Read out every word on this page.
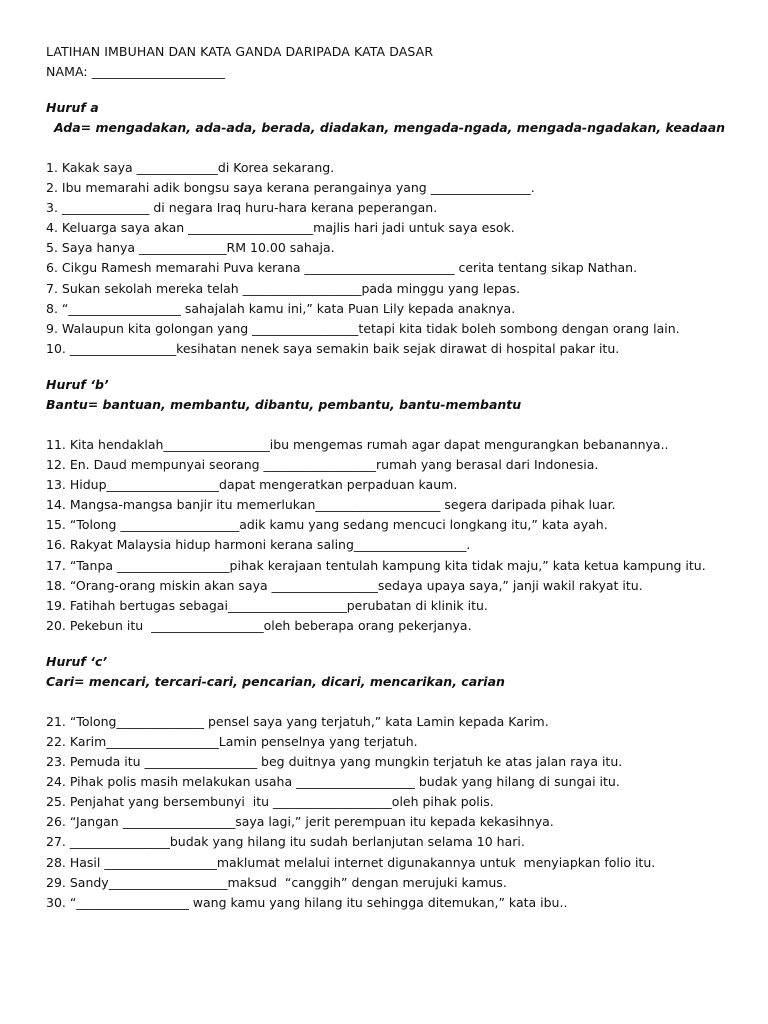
LATIHAN IMBUHAN DAN KATA GANDA DARIPADA KATA DASAR
NAMA: _____________________
Huruf a
Ada= mengadakan, ada-ada, berada, diadakan, mengada-ngada, mengada-ngadakan, keadaan
1. Kakak saya _____________di Korea sekarang.
2. Ibu memarahi adik bongsu saya kerana perangainya yang ________________.
3. ______________ di negara Iraq huru-hara kerana peperangan.
4. Keluarga saya akan ____________________majlis hari jadi untuk saya esok.
5. Saya hanya ______________RM 10.00 sahaja.
6. Cikgu Ramesh memarahi Puva kerana ________________________ cerita tentang sikap Nathan.
7. Sukan sekolah mereka telah ___________________pada minggu yang lepas.
8. “__________________ sahajalah kamu ini,” kata Puan Lily kepada anaknya.
9. Walaupun kita golongan yang _________________tetapi kita tidak boleh sombong dengan orang lain.
10. _________________kesihatan nenek saya semakin baik sejak dirawat di hospital pakar itu.
Huruf ‘b’
Bantu= bantuan, membantu, dibantu, pembantu, bantu-membantu
11. Kita hendaklah_________________ibu mengemas rumah agar dapat mengurangkan bebanannya..
12. En. Daud mempunyai seorang __________________rumah yang berasal dari Indonesia.
13. Hidup__________________dapat mengeratkan perpaduan kaum.
14. Mangsa-mangsa banjir itu memerlukan____________________ segera daripada pihak luar.
15. “Tolong ___________________adik kamu yang sedang mencuci longkang itu,” kata ayah.
16. Rakyat Malaysia hidup harmoni kerana saling__________________.
17. “Tanpa __________________pihak kerajaan tentulah kampung kita tidak maju,” kata ketua kampung itu.
18. “Orang-orang miskin akan saya _________________sedaya upaya saya,” janji wakil rakyat itu.
19. Fatihah bertugas sebagai___________________perubatan di klinik itu.
20. Pekebun itu  __________________oleh beberapa orang pekerjanya.
Huruf ‘c’
Cari= mencari, tercari-cari, pencarian, dicari, mencarikan, carian
21. “Tolong______________ pensel saya yang terjatuh,” kata Lamin kepada Karim.
22. Karim__________________Lamin penselnya yang terjatuh.
23. Pemuda itu __________________ beg duitnya yang mungkin terjatuh ke atas jalan raya itu.
24. Pihak polis masih melakukan usaha ___________________ budak yang hilang di sungai itu.
25. Penjahat yang bersembunyi  itu ___________________oleh pihak polis.
26. “Jangan __________________saya lagi,” jerit perempuan itu kepada kekasihnya.
27. ________________budak yang hilang itu sudah berlanjutan selama 10 hari.
28. Hasil __________________maklumat melalui internet digunakannya untuk  menyiapkan folio itu.
29. Sandy___________________maksud  “canggih” dengan merujuki kamus.
30. “__________________ wang kamu yang hilang itu sehingga ditemukan,” kata ibu..
